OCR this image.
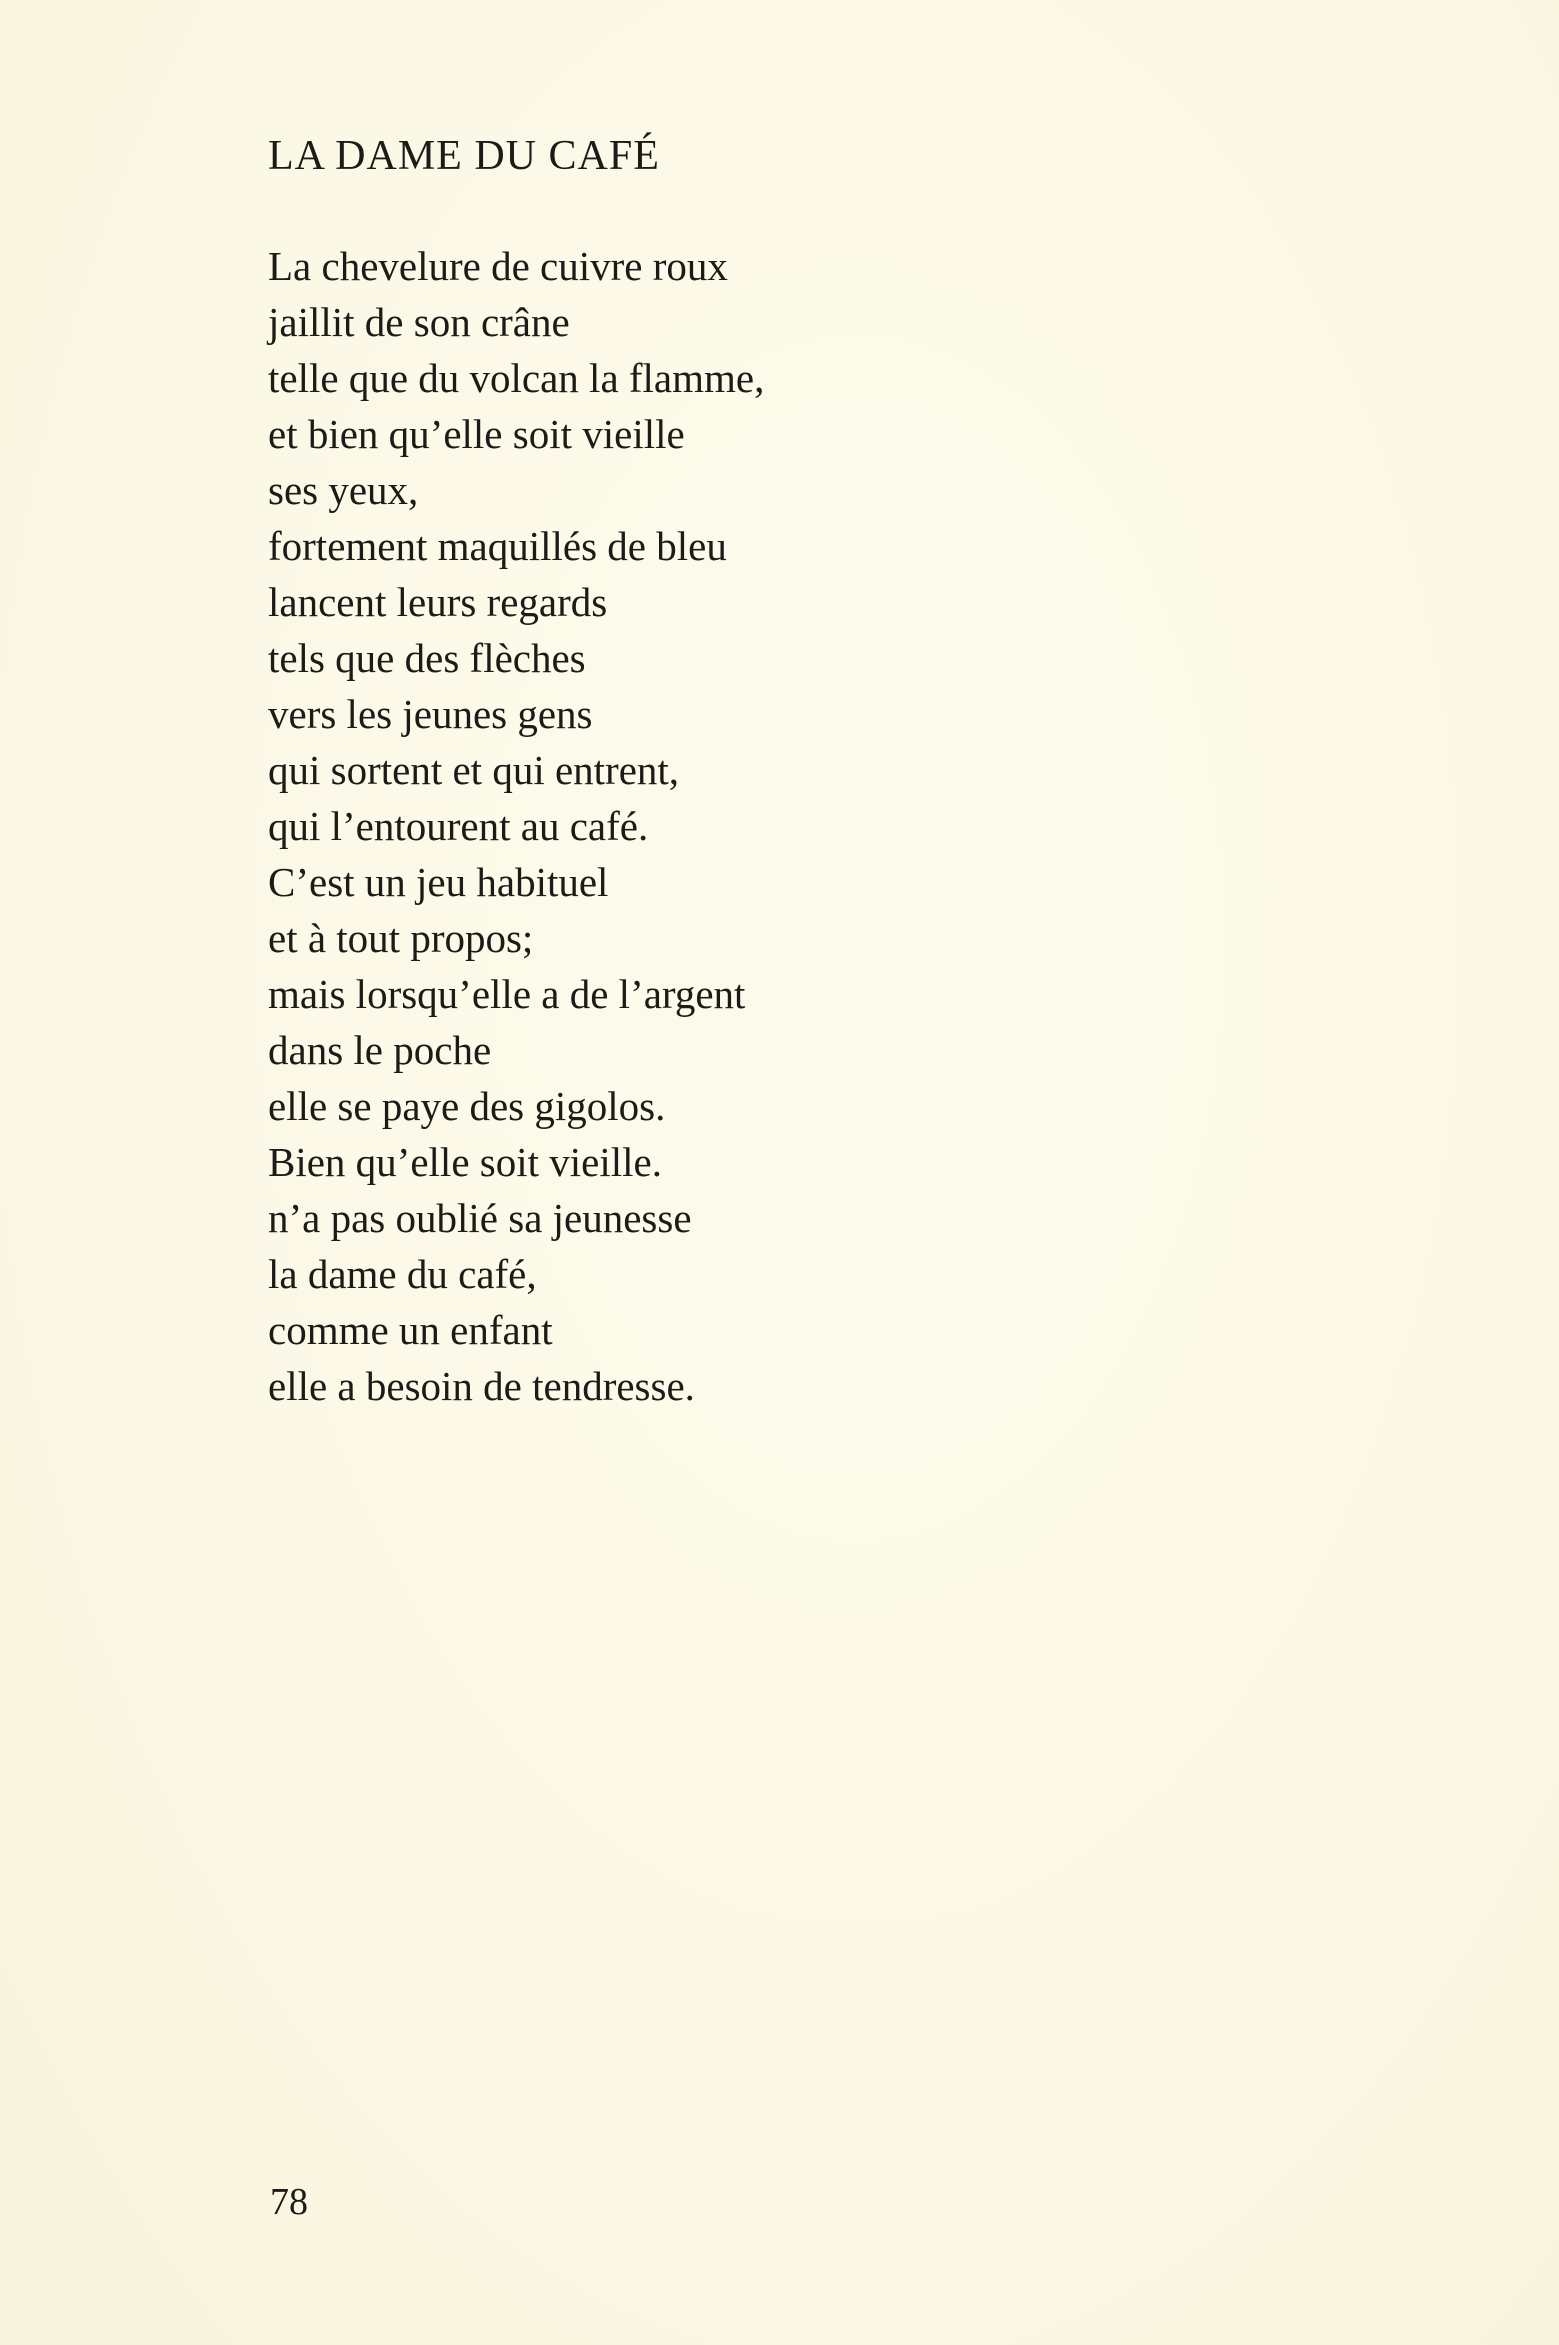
LA DAME DU CAFÉ
La chevelure de cuivre roux
jaillit de son crâne
telle que du volcan la flamme,
et bien qu’elle soit vieille
ses yeux,
fortement maquillés de bleu
lancent leurs regards
tels que des flèches
vers les jeunes gens
qui sortent et qui entrent,
qui l’entourent au café.
C’est un jeu habituel
et à tout propos;
mais lorsqu’elle a de l’argent
dans le poche
elle se paye des gigolos.
Bien qu’elle soit vieille.
n’a pas oublié sa jeunesse
la dame du café,
comme un enfant
elle a besoin de tendresse.
78
